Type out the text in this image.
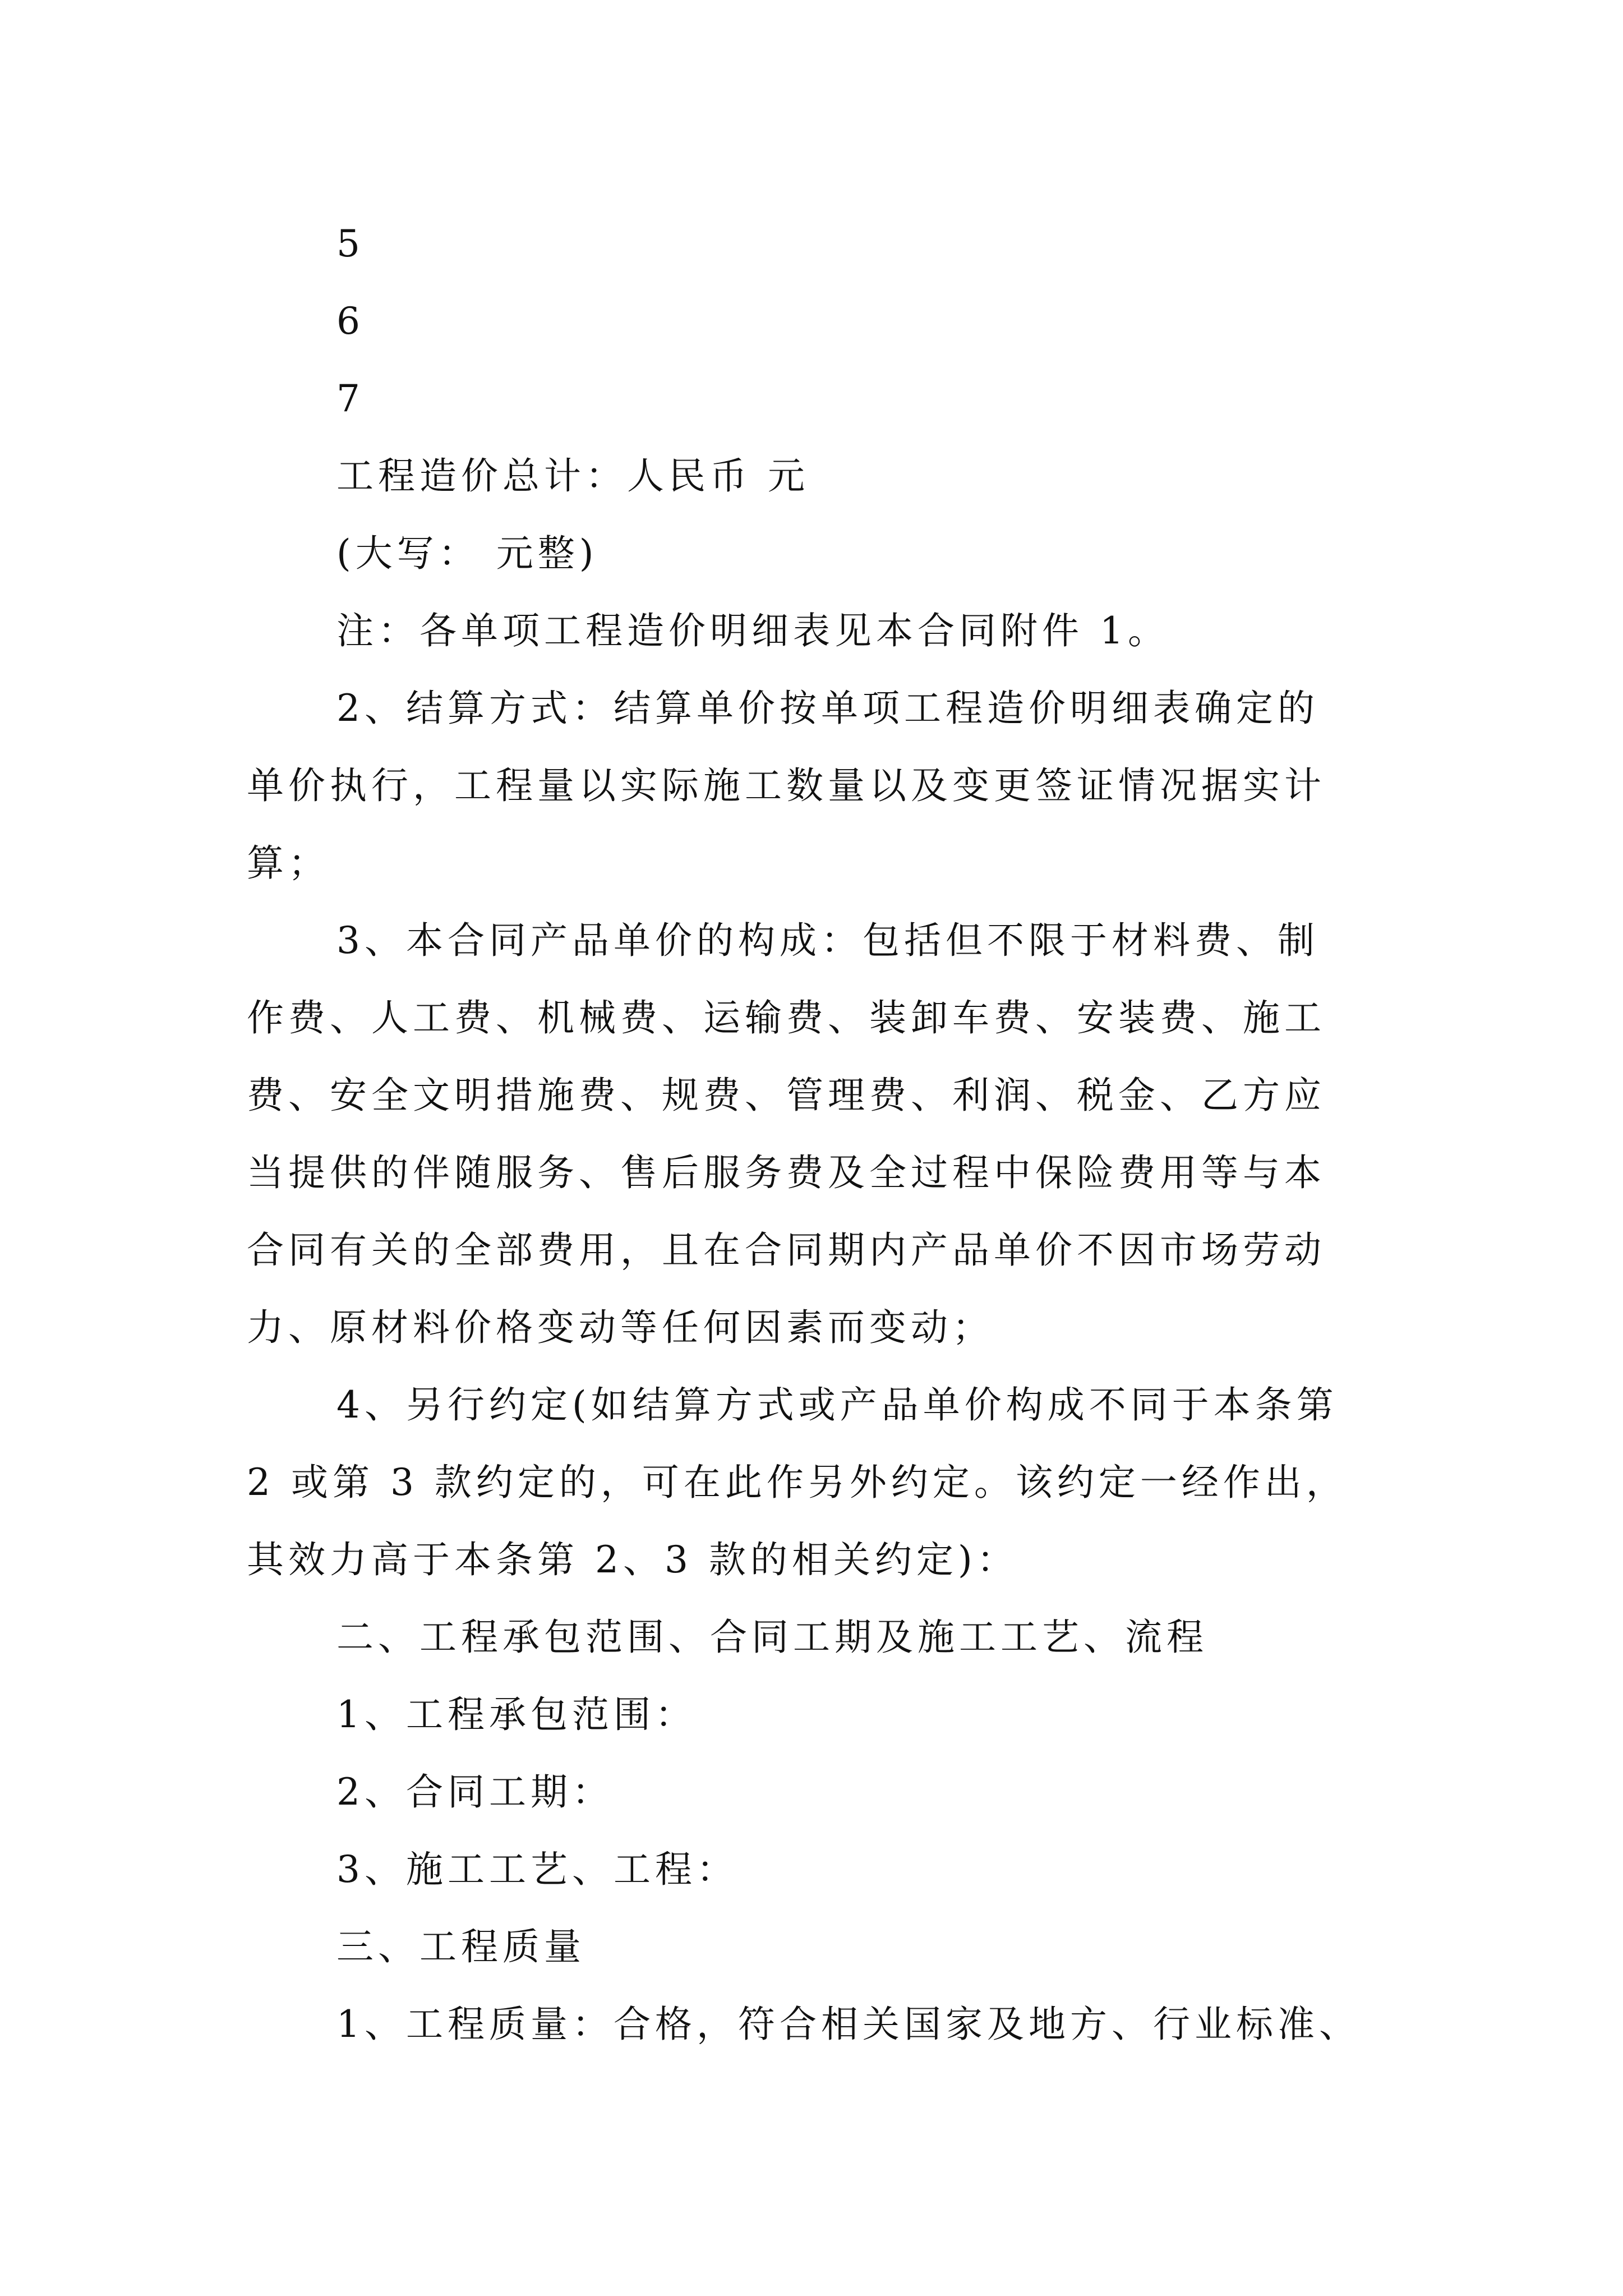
5
6
7
工程造价总计：人民币 元
(大写： 元整)
注：各单项工程造价明细表见本合同附件 1。
2、结算方式：结算单价按单项工程造价明细表确定的
单价执行，工程量以实际施工数量以及变更签证情况据实计
算；
3、本合同产品单价的构成：包括但不限于材料费、制
作费、人工费、机械费、运输费、装卸车费、安装费、施工
费、安全文明措施费、规费、管理费、利润、税金、乙方应
当提供的伴随服务、售后服务费及全过程中保险费用等与本
合同有关的全部费用，且在合同期内产品单价不因市场劳动
力、原材料价格变动等任何因素而变动；
4、另行约定(如结算方式或产品单价构成不同于本条第
2 或第 3 款约定的，可在此作另外约定。该约定一经作出，
其效力高于本条第 2、3 款的相关约定)：
二、工程承包范围、合同工期及施工工艺、流程
1、工程承包范围：
2、合同工期：
3、施工工艺、工程：
三、工程质量
1、工程质量：合格，符合相关国家及地方、行业标准、
